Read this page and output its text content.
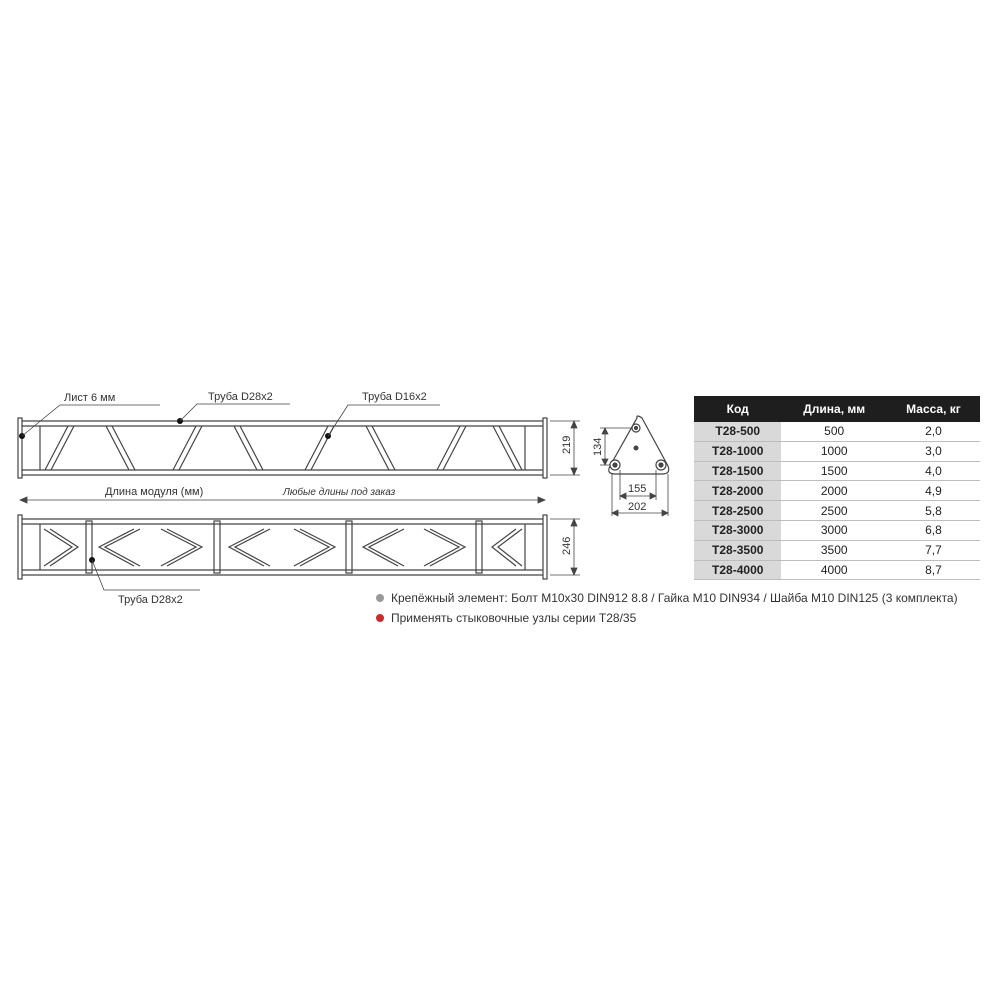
Лист 6 мм	Труба D28x2	Труба D16x2
219
Длина модуля (мм)	Любые длины под заказ
Труба D28x2
246
134
155
202
Код	Длина, мм	Масса, кг
T28-500	500	2,0
T28-1000	1000	3,0
T28-1500	1500	4,0
T28-2000	2000	4,9
T28-2500	2500	5,8
T28-3000	3000	6,8
T28-3500	3500	7,7
T28-4000	4000	8,7
Крепёжный элемент: Болт М10х30 DIN912 8.8 / Гайка М10 DIN934 / Шайба М10 DIN125 (3 комплекта)
Применять стыковочные узлы серии T28/35
